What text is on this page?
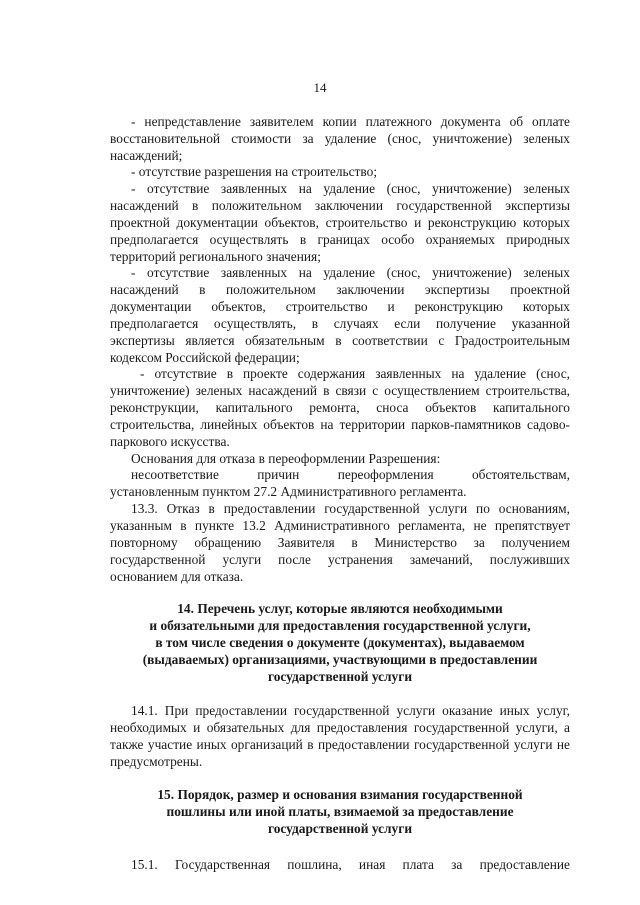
14
- непредставление заявителем копии платежного документа об оплате
восстановительной стоимости за удаление (снос, уничтожение) зеленых
насаждений;
- отсутствие разрешения на строительство;
- отсутствие заявленных на удаление (снос, уничтожение) зеленых
насаждений в положительном заключении государственной экспертизы
проектной документации объектов, строительство и реконструкцию которых
предполагается осуществлять в границах особо охраняемых природных
территорий регионального значения;
- отсутствие заявленных на удаление (снос, уничтожение) зеленых
насаждений в положительном заключении экспертизы проектной
документации объектов, строительство и реконструкцию которых
предполагается осуществлять, в случаях если получение указанной
экспертизы является обязательным в соответствии с Градостроительным
кодексом Российской федерации;
- отсутствие в проекте содержания заявленных на удаление (снос,
уничтожение) зеленых насаждений в связи с осуществлением строительства,
реконструкции, капитального ремонта, сноса объектов капитального
строительства, линейных объектов на территории парков-памятников садово-
паркового искусства.
Основания для отказа в переоформлении Разрешения:
несоответствие причин переоформления обстоятельствам,
установленным пунктом 27.2 Административного регламента.
13.3. Отказ в предоставлении государственной услуги по основаниям,
указанным в пункте 13.2 Административного регламента, не препятствует
повторному обращению Заявителя в Министерство за получением
государственной услуги после устранения замечаний, послуживших
основанием для отказа.
14. Перечень услуг, которые являются необходимыми
и обязательными для предоставления государственной услуги,
в том числе сведения о документе (документах), выдаваемом
(выдаваемых) организациями, участвующими в предоставлении
государственной услуги
14.1. При предоставлении государственной услуги оказание иных услуг,
необходимых и обязательных для предоставления государственной услуги, а
также участие иных организаций в предоставлении государственной услуги не
предусмотрены.
15. Порядок, размер и основания взимания государственной
пошлины или иной платы, взимаемой за предоставление
государственной услуги
15.1. Государственная пошлина, иная плата за предоставление
